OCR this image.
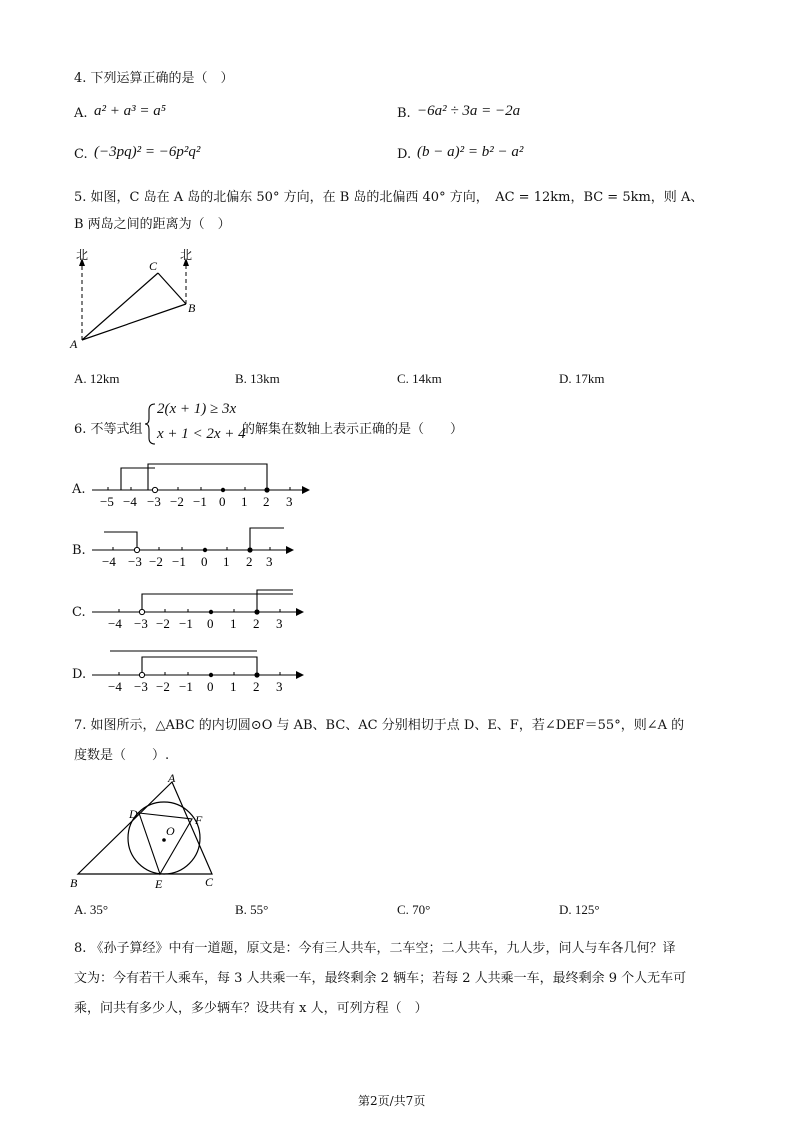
4. 下列运算正确的是（　）
A. a² + a³ = a⁵	B. −6a² ÷ 3a = −2a
C. (−3pq)² = −6p²q²	D. (b − a)² = b² − a²
5. 如图，C 岛在 A 岛的北偏东 50° 方向，在 B 岛的北偏西 40° 方向，　AC = 12km，BC = 5km，则 A、
B 两岛之间的距离为（　）
北	北
C
B
A
A. 12km	B. 13km	C. 14km	D. 17km
6. 不等式组
2(x + 1) ≥ 3x
x + 1 < 2x + 4
的解集在数轴上表示正确的是（　　）
A.
B.
C.
D.
−5 −4 −3 −2 −1 0 1 2 3
−4 −3 −2 −1 0 1 2 3
−4 −3 −2 −1 0 1 2 3
−4 −3 −2 −1 0 1 2 3
7. 如图所示，△ABC 的内切圆⊙O 与 AB、BC、AC 分别相切于点 D、E、F，若∠DEF＝55°，则∠A 的
度数是（　　）.
A
B	C
D
E
F
O
A. 35°	B. 55°	C. 70°	D. 125°
8. 《孙子算经》中有一道题，原文是：今有三人共车，二车空；二人共车，九人步，问人与车各几何？译
文为：今有若干人乘车，每 3 人共乘一车，最终剩余 2 辆车；若每 2 人共乘一车，最终剩余 9 个人无车可
乘，问共有多少人，多少辆车？设共有 x 人，可列方程（　）
第2页/共7页
